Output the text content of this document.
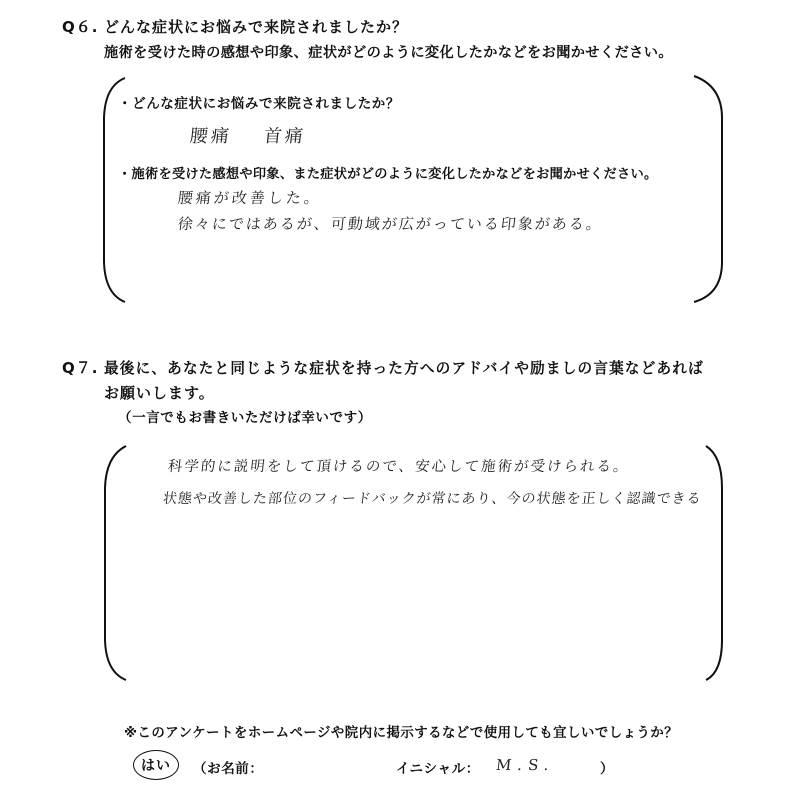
Q６. どんな症状にお悩みで来院されましたか？
施術を受けた時の感想や印象、症状がどのように変化したかなどをお聞かせください。
・どんな症状にお悩みで来院されましたか？
腰痛 首痛
・施術を受けた感想や印象、また症状がどのように変化したかなどをお聞かせください。
腰痛が改善した。
徐々にではあるが、可動域が広がっている印象がある。
Q７. 最後に、あなたと同じような症状を持った方へのアドバイや励ましの言葉などあれば
お願いします。
（一言でもお書きいただけば幸いです）
科学的に説明をして頂けるので、安心して施術が受けられる。
状態や改善した部位のフィードバックが常にあり、今の状態を正しく認識できる
※このアンケートをホームページや院内に掲示するなどで使用しても宜しいでしょうか？
はい （お名前：	イニシャル： M.S.	）
